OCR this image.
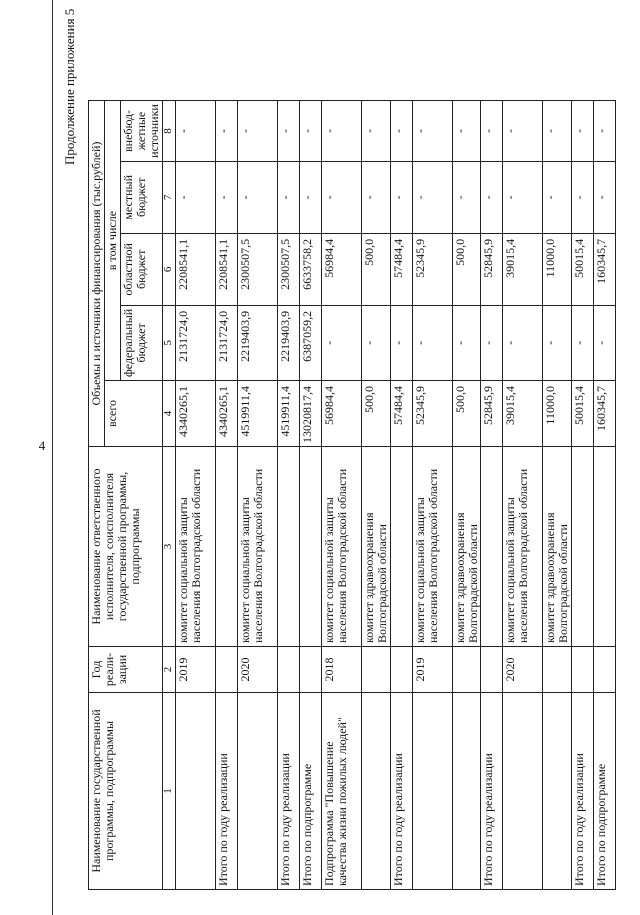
4
Продолжение приложения 5
Наименование государственной программы, подпрограммы	Год реали-зации	Наименование ответственного исполнителя, соисполнителя государственной программы, подпрограммы	Объемы и источники финансирования (тыс.рублей)				
			всего	в том числе			
				федеральный бюджет	областной бюджет	местный бюджет	внебюд-жетные источники
1	2	3	4	5	6	7	8
	2019	комитет социальной защиты населения Волгоградской области	4340265,1	2131724,0	2208541,1	-	-
Итого по году реализации			4340265,1	2131724,0	2208541,1	-	-
	2020	комитет социальной защиты населения Волгоградской области	4519911,4	2219403,9	2300507,5	-	-
Итого по году реализации			4519911,4	2219403,9	2300507,5	-	-
Итого по подпрограмме			13020817,4	6387059,2	6633758,2	-	-
Подпрограмма "Повышение качества жизни пожилых людей"	2018	комитет социальной защиты населения Волгоградской области	56984,4	-	56984,4	-	-
		комитет здравоохранения Волгоградской области	500,0	-	500,0	-	-
Итого по году реализации			57484,4	-	57484,4	-	-
	2019	комитет социальной защиты населения Волгоградской области	52345,9	-	52345,9	-	-
		комитет здравоохранения Волгоградской области	500,0	-	500,0	-	-
Итого по году реализации			52845,9	-	52845,9	-	-
	2020	комитет социальной защиты населения Волгоградской области	39015,4	-	39015,4	-	-
		комитет здравоохранения Волгоградской области	11000,0	-	11000,0	-	-
Итого по году реализации			50015,4	-	50015,4	-	-
Итого по подпрограмме			160345,7	-	160345,7	-	-
